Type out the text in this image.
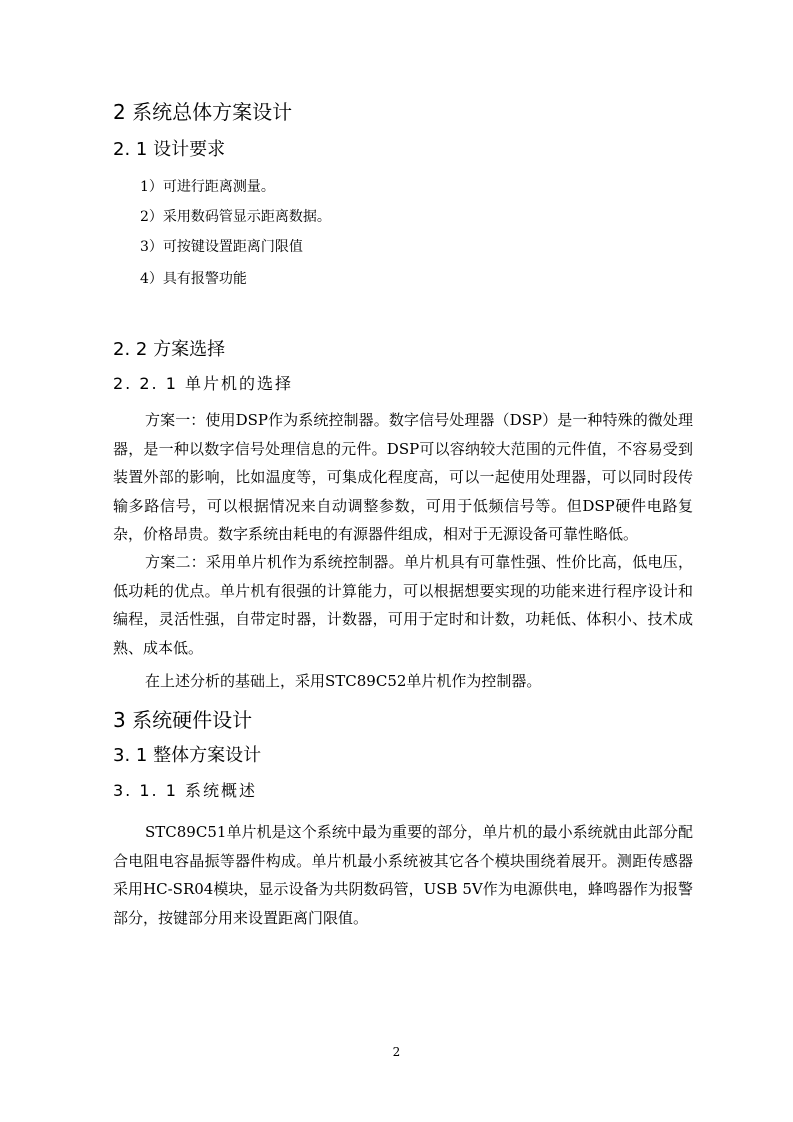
2 系统总体方案设计
2. 1 设计要求

1）可进行距离测量。

2）采用数码管显示距离数据。

3）可按键设置距离门限值

4）具有报警功能

2. 2 方案选择
2. 2. 1 单片机的选择

方案一：使用DSP作为系统控制器。数字信号处理器（DSP）是一种特殊的微处理器，是一种以数字信号处理信息的元件。DSP可以容纳较大范围的元件值，不容易受到装置外部的影响，比如温度等，可集成化程度高，可以一起使用处理器，可以同时段传输多路信号，可以根据情况来自动调整参数，可用于低频信号等。但DSP硬件电路复杂，价格昂贵。数字系统由耗电的有源器件组成，相对于无源设备可靠性略低。

方案二：采用单片机作为系统控制器。单片机具有可靠性强、性价比高，低电压，低功耗的优点。单片机有很强的计算能力，可以根据想要实现的功能来进行程序设计和编程，灵活性强，自带定时器，计数器，可用于定时和计数，功耗低、体积小、技术成熟、成本低。

在上述分析的基础上，采用STC89C52单片机作为控制器。

3 系统硬件设计
3. 1 整体方案设计
3. 1. 1 系统概述

STC89C51单片机是这个系统中最为重要的部分，单片机的最小系统就由此部分配合电阻电容晶振等器件构成。单片机最小系统被其它各个模块围绕着展开。测距传感器采用HC-SR04模块，显示设备为共阴数码管，USB 5V作为电源供电，蜂鸣器作为报警部分，按键部分用来设置距离门限值。

2
